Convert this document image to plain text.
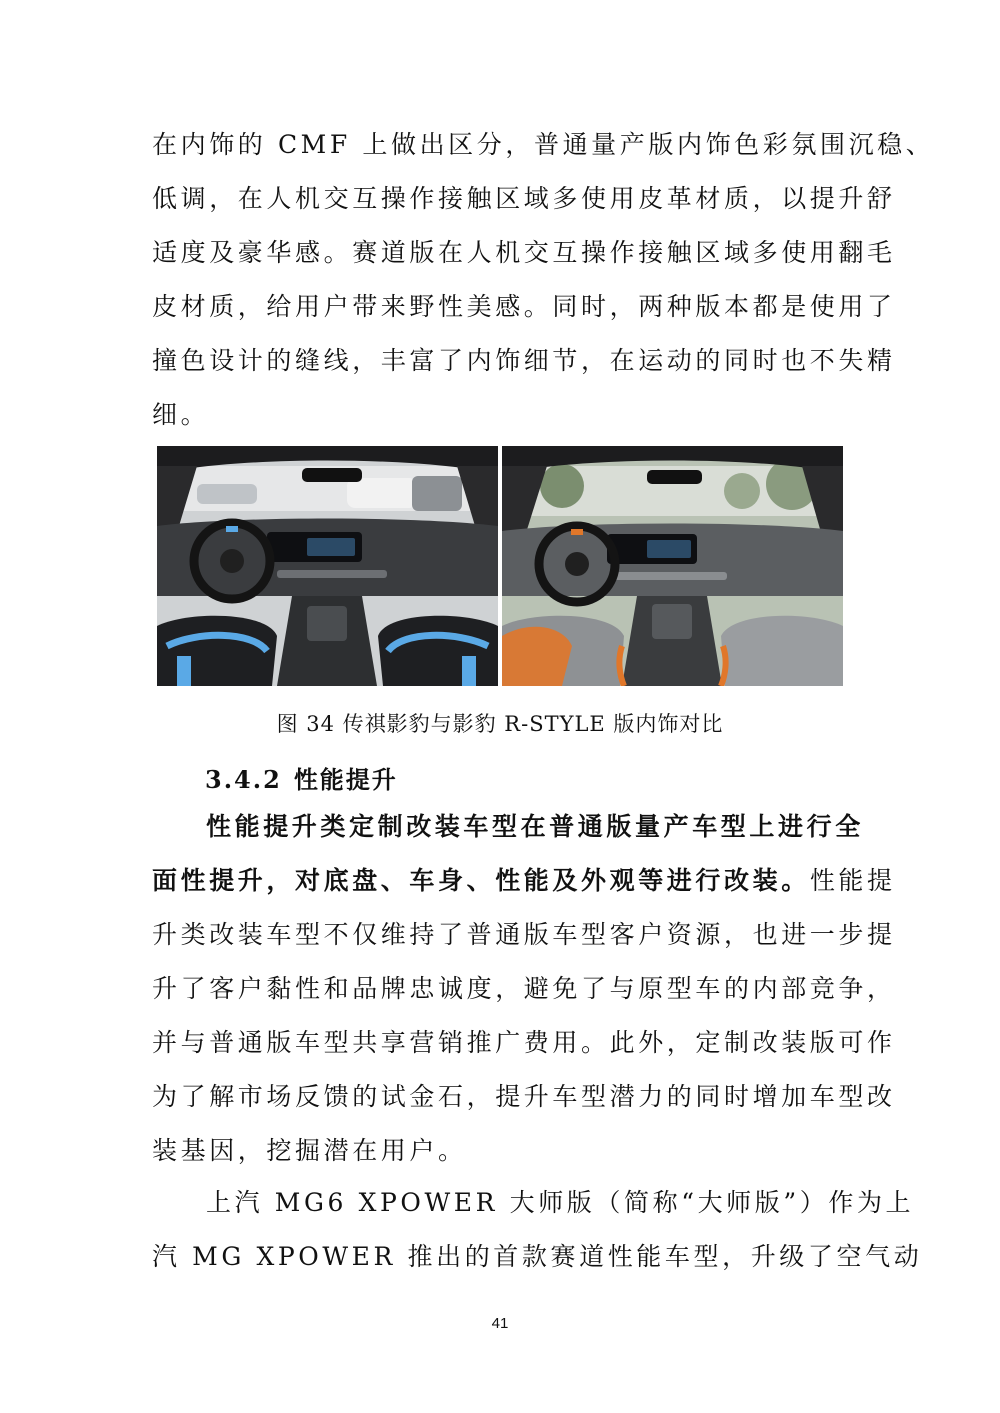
在内饰的 CMF 上做出区分，普通量产版内饰色彩氛围沉稳、
低调，在人机交互操作接触区域多使用皮革材质，以提升舒
适度及豪华感。赛道版在人机交互操作接触区域多使用翻毛
皮材质，给用户带来野性美感。同时，两种版本都是使用了
撞色设计的缝线，丰富了内饰细节，在运动的同时也不失精
细。

图 34 传祺影豹与影豹 R-STYLE 版内饰对比
3.4.2 性能提升

性能提升类定制改装车型在普通版量产车型上进行全
面性提升，对底盘、车身、性能及外观等进行改装。性能提
升类改装车型不仅维持了普通版车型客户资源，也进一步提
升了客户黏性和品牌忠诚度，避免了与原型车的内部竞争，
并与普通版车型共享营销推广费用。此外，定制改装版可作
为了解市场反馈的试金石，提升车型潜力的同时增加车型改
装基因，挖掘潜在用户。

上汽 MG6 XPOWER 大师版（简称“大师版”）作为上
汽 MG XPOWER 推出的首款赛道性能车型，升级了空气动

41
